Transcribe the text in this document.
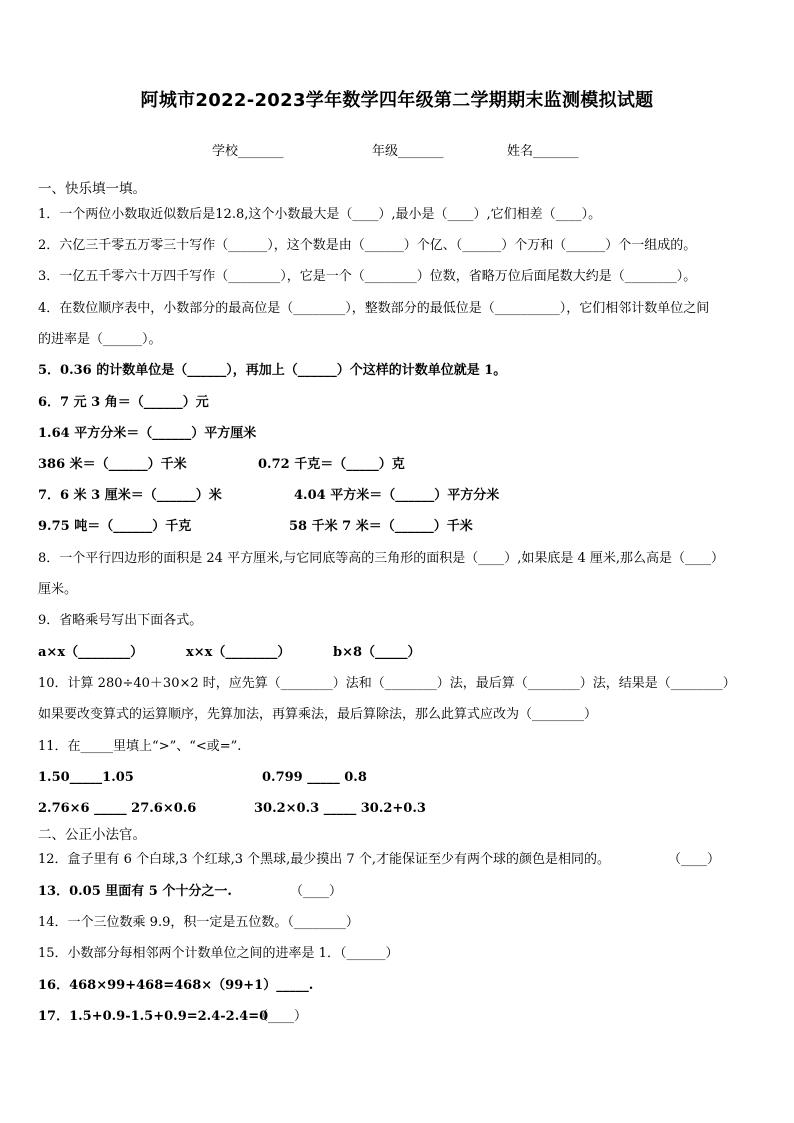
阿城市2022-2023学年数学四年级第二学期期末监测模拟试题
学校_______	年级_______	姓名_______
一、快乐填一填。
1．一个两位小数取近似数后是12.8,这个小数最大是（____）,最小是（____）,它们相差（____）。
2．六亿三千零五万零三十写作（______），这个数是由（______）个亿、（______）个万和（______）个一组成的。
3．一亿五千零六十万四千写作（________），它是一个（________）位数，省略万位后面尾数大约是（________）。
4．在数位顺序表中，小数部分的最高位是（________），整数部分的最低位是（__________），它们相邻计数单位之间
的进率是（______）。
5．0.36 的计数单位是（______），再加上（______）个这样的计数单位就是 1。
6．7 元 3 角＝（______）元
1.64 平方分米＝（______）平方厘米
386 米＝（______）千米	0.72 千克＝（_____）克
7．6 米 3 厘米＝（______）米	4.04 平方米＝（______）平方分米
9.75 吨＝（______）千克	58 千米 7 米＝（______）千米
8．一个平行四边形的面积是 24 平方厘米,与它同底等高的三角形的面积是（____）,如果底是 4 厘米,那么高是（____）
厘米。
9．省略乘号写出下面各式。
a×x（________）	x×x（________）	b×8（_____）
10．计算 280÷40＋30×2 时，应先算（________）法和（________）法，最后算（________）法，结果是（________）
如果要改变算式的运算顺序，先算加法，再算乘法，最后算除法，那么此算式应改为（________）
11．在_____里填上“>”、“<或=”.
1.50_____1.05	0.799 _____ 0.8
2.76×6 _____ 27.6×0.6	30.2×0.3 _____ 30.2+0.3
二、公正小法官。
12．盒子里有 6 个白球,3 个红球,3 个黑球,最少摸出 7 个,才能保证至少有两个球的颜色是相同的。	（____）
13．0.05 里面有 5 个十分之一.	（____）
14．一个三位数乘 9.9，积一定是五位数。（________）
15．小数部分每相邻两个计数单位之间的进率是 1．（______）
16．468×99+468=468×（99+1）_____.
17．1.5+0.9-1.5+0.9=2.4-2.4=0
（____）
